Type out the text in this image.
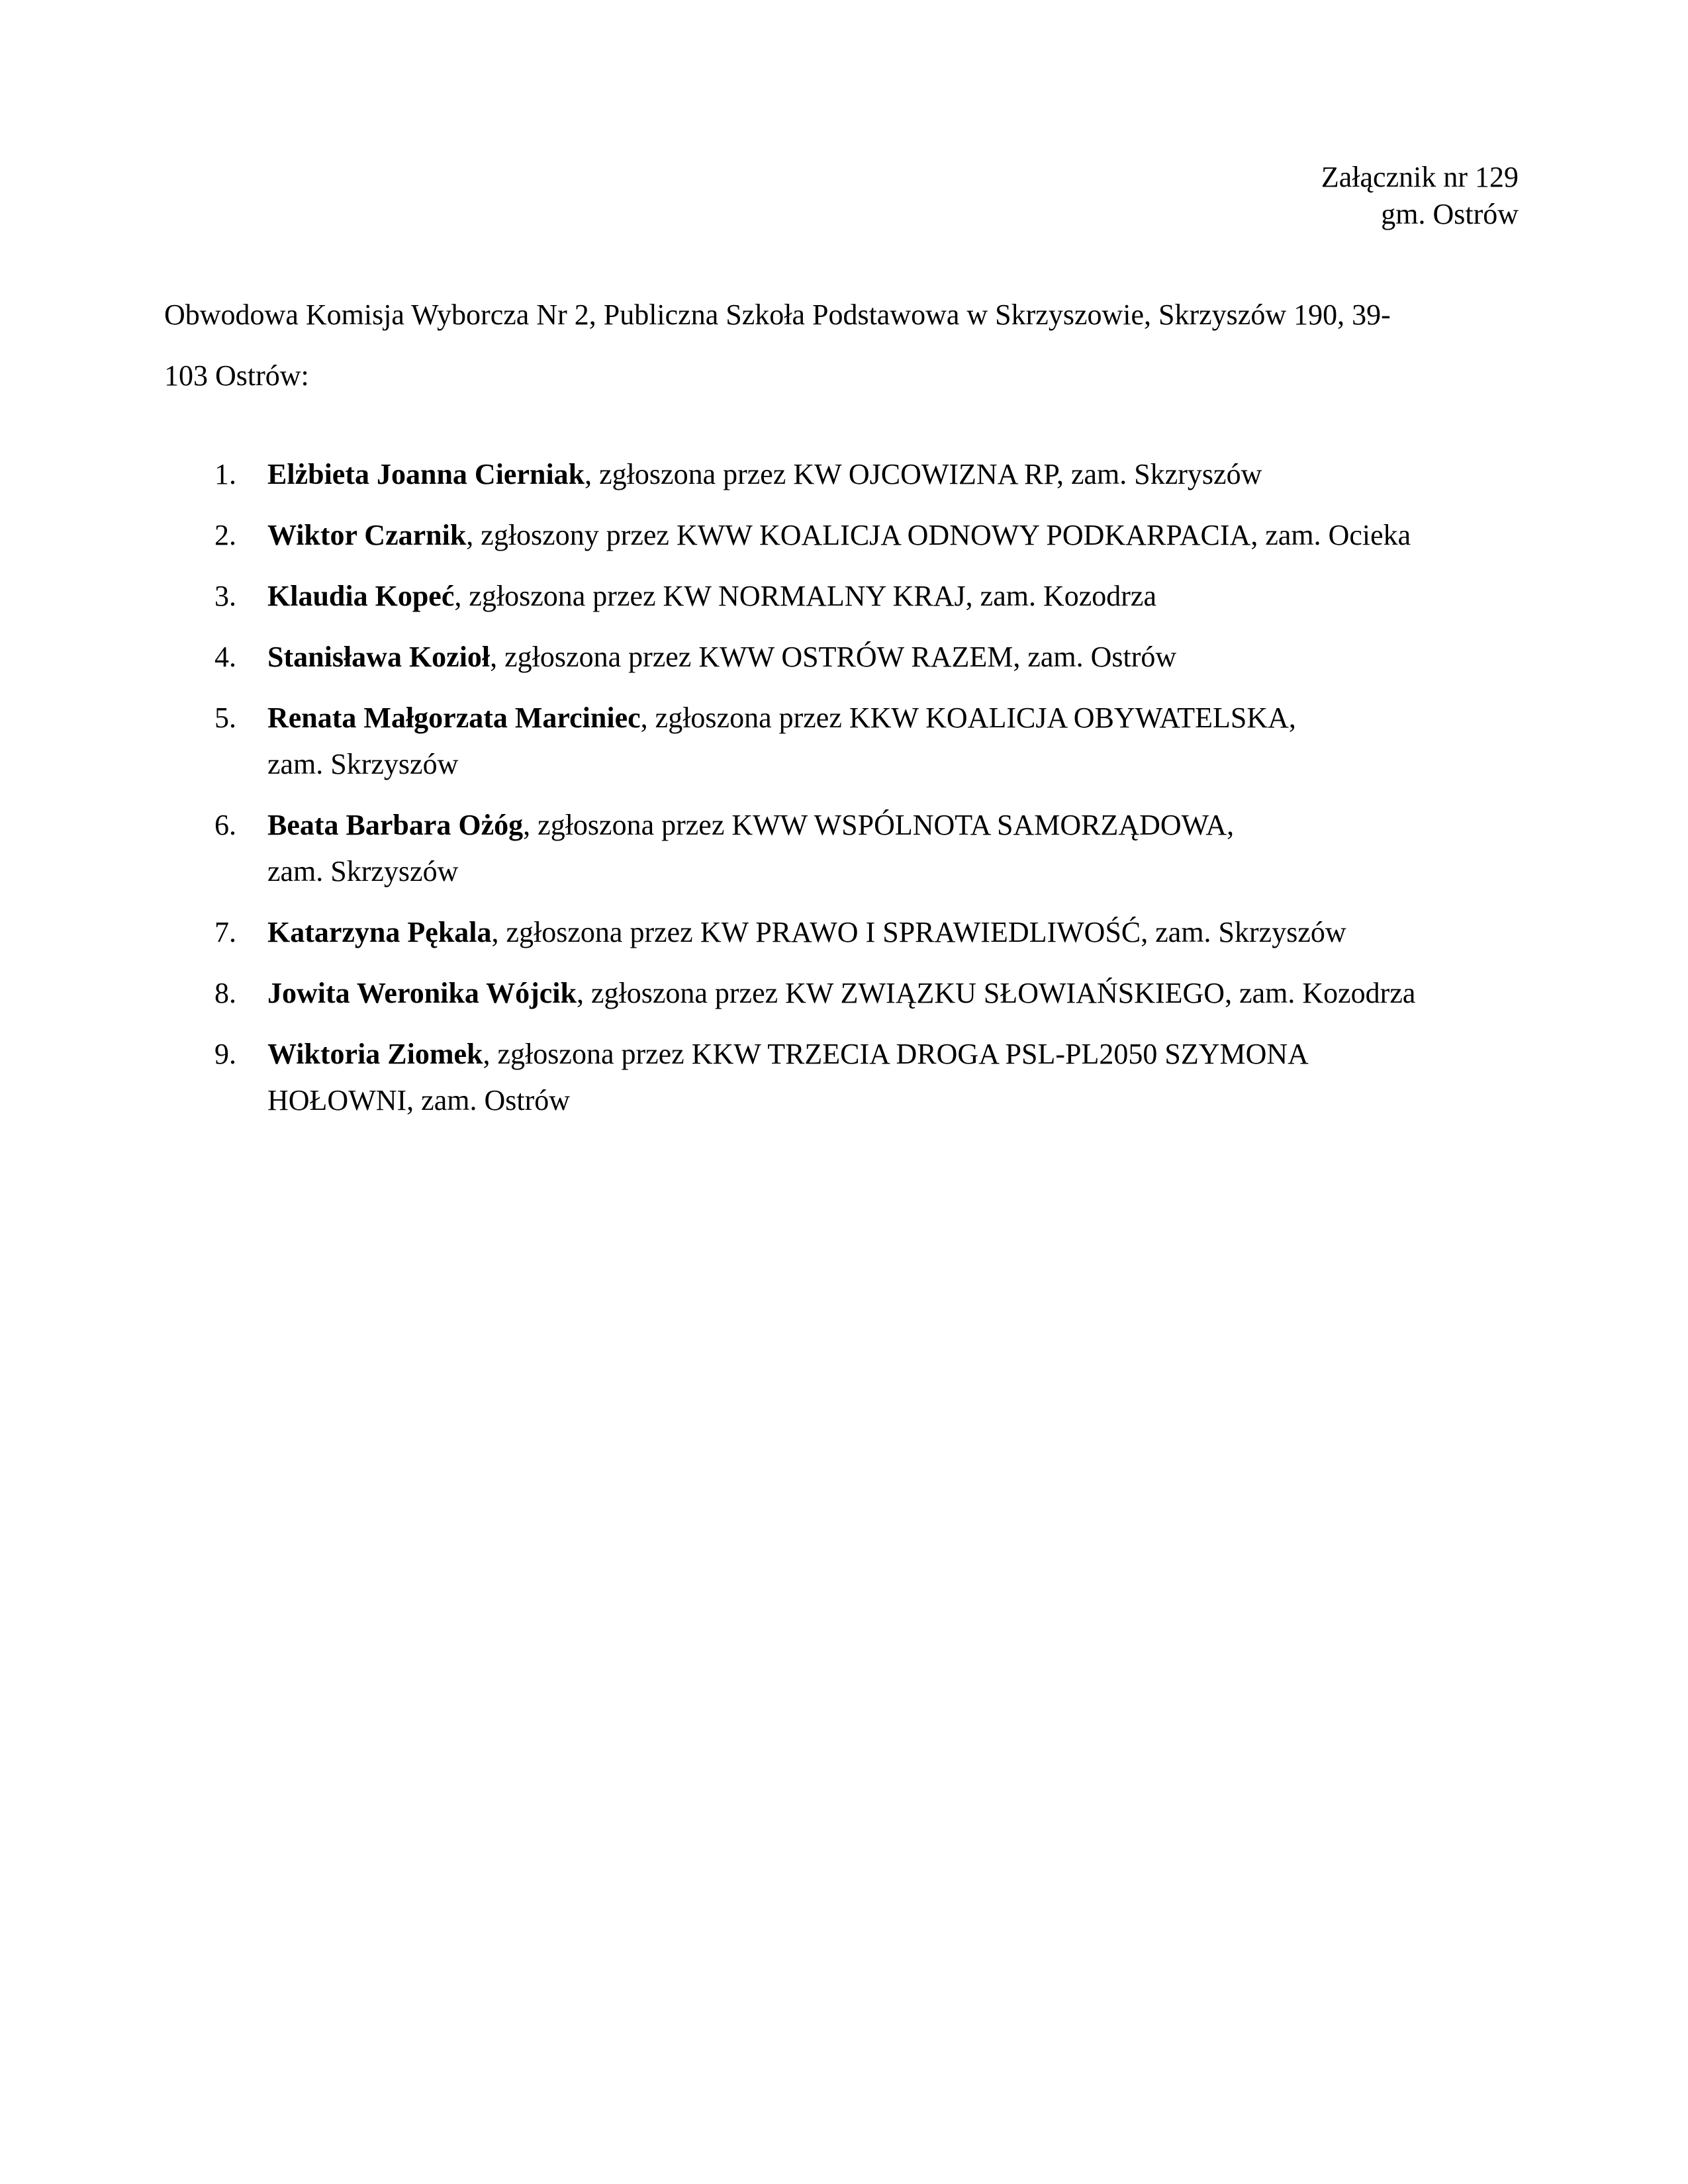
Załącznik nr 129
gm. Ostrów
Obwodowa Komisja Wyborcza Nr 2, Publiczna Szkoła Podstawowa w Skrzyszowie, Skrzyszów 190, 39-
103 Ostrów:
1. Elżbieta Joanna Cierniak, zgłoszona przez KW OJCOWIZNA RP, zam. Skzryszów
2. Wiktor Czarnik, zgłoszony przez KWW KOALICJA ODNOWY PODKARPACIA, zam. Ocieka
3. Klaudia Kopeć, zgłoszona przez KW NORMALNY KRAJ, zam. Kozodrza
4. Stanisława Kozioł, zgłoszona przez KWW OSTRÓW RAZEM, zam. Ostrów
5. Renata Małgorzata Marciniec, zgłoszona przez KKW KOALICJA OBYWATELSKA,
zam. Skrzyszów
6. Beata Barbara Ożóg, zgłoszona przez KWW WSPÓLNOTA SAMORZĄDOWA,
zam. Skrzyszów
7. Katarzyna Pękala, zgłoszona przez KW PRAWO I SPRAWIEDLIWOŚĆ, zam. Skrzyszów
8. Jowita Weronika Wójcik, zgłoszona przez KW ZWIĄZKU SŁOWIAŃSKIEGO, zam. Kozodrza
9. Wiktoria Ziomek, zgłoszona przez KKW TRZECIA DROGA PSL-PL2050 SZYMONA
HOŁOWNI, zam. Ostrów
